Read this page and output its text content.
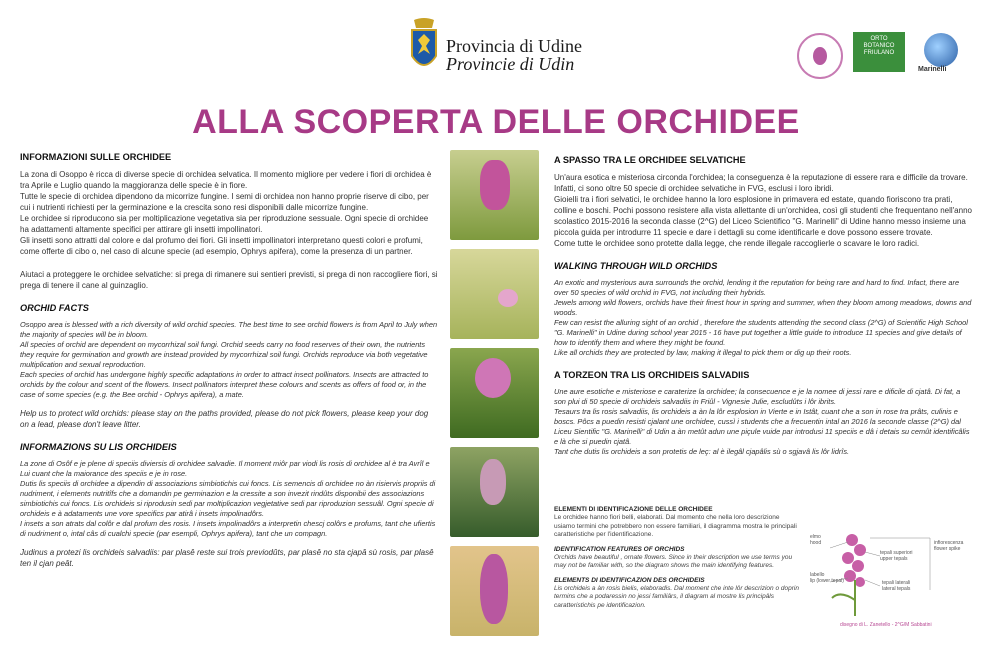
Provincia di Udine
Provincie di Udin
ORTO
BOTANICO
FRIULANO
Marinelli
ALLA SCOPERTA DELLE ORCHIDEE
INFORMAZIONI SULLE ORCHIDEE

La zona di Osoppo è ricca di diverse specie di orchidea selvatica. Il momento migliore per vedere i fiori di orchidea è tra Aprile e Luglio quando la maggioranza delle specie è in fiore.
Tutte le specie di orchidea dipendono da micorrize fungine. I semi di orchidea non hanno proprie riserve di cibo, per cui i nutrienti richiesti per la germinazione e la crescita sono resi disponibili dalle micorrize fungine.
Le orchidee si riproducono sia per moltiplicazione vegetativa sia per riproduzione sessuale. Ogni specie di orchidee ha adattamenti altamente specifici per attirare gli insetti impollinatori.
Gli insetti sono attratti dal colore e dal profumo dei fiori. Gli insetti impollinatori interpretano questi colori e profumi, come offerte di cibo o, nel caso di alcune specie (ad esempio, Ophrys apifera), come la presenza di un partner.

Aiutaci a proteggere le orchidee selvatiche: si prega di rimanere sui sentieri previsti, si prega di non raccogliere fiori, si prega di tenere il cane al guinzaglio.

ORCHID FACTS

Osoppo area is blessed with a rich diversity of wild orchid species. The best time to see orchid flowers is from April to July when the majority of species will be in bloom.
All species of orchid are dependent on mycorrhizal soil fungi. Orchid seeds carry no food reserves of their own, the nutrients they require for germination and growth are instead provided by mycorrhizal soil fungi. Orchids reproduce via both vegetative multiplication and sexual reproduction.
Each species of orchid has undergone highly specific adaptations in order to attract insect pollinators. Insects are attracted to orchids by the colour and scent of the flowers. Insect pollinators interpret these colours and scents as offers of food or, in the case of some species (e.g. the Bee orchid - Ophrys apifera), a mate.

Help us to protect wild orchids: please stay on the paths provided, please do not pick flowers, please keep your dog on a lead, please don't leave litter.

INFORMAZIONS SU LIS ORCHIDEIS

La zone di Osôf e je plene di speciis diviersis di orchidee salvadie. Il moment miôr par viodi lis rosis di orchidee al è tra Avrîl e Lui cuant che la maiorance des speciis e je in rose.
Dutis lis speciis di orchidee a dipendin di associazions simbiotichis cui foncs. Lis semencis di orchidee no àn risiervis propriis di nudriment, i elements nutritîfs che a domandin pe germinazion e la cressite a son invezit rindûts disponibii des associazions simbiotichis cui foncs. Lis orchideis si riprodusin sedi par moltiplicazion vegjetative sedi par riproduzion sessuâl. Ogni specie di orchideis e à adataments une vore specifics par atirâ i insets impolinadôrs.
I insets a son atrats dal colôr e dal profum des rosis. I insets impolinadôrs a interpretin chescj colôrs e profums, tant che ufiertis di nudriment o, intal câs di cualchi specie (par esempli, Ophrys apifera), tant che un compagn.

Judinus a protezi lis orchideis salvadiis: par plasê reste sui trois previodûts, par plasê no sta cjapâ sù rosis, par plasê ten il cjan peât.

A SPASSO TRA LE ORCHIDEE SELVATICHE

Un'aura esotica e misteriosa circonda l'orchidea; la conseguenza è la reputazione di essere rara e difficile da trovare. Infatti, ci sono oltre 50 specie di orchidee selvatiche in FVG, esclusi i loro ibridi.
Gioielli tra i fiori selvatici, le orchidee hanno la loro esplosione in primavera ed estate, quando fioriscono tra prati, colline e boschi. Pochi possono resistere alla vista allettante di un'orchidea, così gli studenti che frequentano nell'anno scolastico 2015-2016 la seconda classe (2^G) del Liceo Scientifico "G. Marinelli" di Udine hanno messo insieme una piccola guida per introdurre 11 specie e dare i dettagli su come identificarle e dove possono essere trovate.
Come tutte le orchidee sono protette dalla legge, che rende illegale raccoglierle o scavare le loro radici.

WALKING THROUGH WILD ORCHIDS

An exotic and mysterious aura surrounds the orchid, lending it the reputation for being rare and hard to find. Infact, there are over 50 species of wild orchid in FVG, not including their hybrids.
Jewels among wild flowers, orchids have their finest hour in spring and summer, when they bloom among meadows, downs and woods.
Few can resist the alluring sight of an orchid , therefore the students attending the second class (2^G) of Scientific High School "G. Marinelli" in Udine during school year 2015 - 16 have put together a little guide to introduce 11 species and give details of how to identify them and where they might be found.
Like all orchids they are protected by law, making it illegal to pick them or dig up their roots.

A TORZEON TRA LIS ORCHIDEIS SALVADIIS

Une aure esotiche e misteriose e caraterize la orchidee; la consecuence e je la nomee di jessi rare e dificile di cjatâ. Di fat, a son plui di 50 specie di orchideis salvadiis in Friûl - Vignesie Julie, escludûts i lôr ibrits.
Tesaurs tra lis rosis salvadiis, lis orchideis a àn la lôr esplosion in Vierte e in Istât, cuant che a son in rose tra prâts, culinis e boscs. Pôcs a puedin resisti cjalant une orchidee, cussì i students che a frecuentin intal an 2016 la seconde classe (2^G) dal Liceu Sientific "G. Marinelli" di Udin a àn metût adun une piçule vuide par introdusi 11 speciis e dâ i detais su cemût identificâlis e là che si puedin cjatâ.
Tant che dutis lis orchideis a son protetis de leç: al è ilegâl cjapâlis sù o sgjavâ lis lôr lidrîs.

ELEMENTI DI IDENTIFICAZIONE DELLE ORCHIDEE

Le orchidee hanno fiori belli, elaborati. Dal momento che nella loro descrizione usiamo termini che potrebbero non essere familiari, il diagramma mostra le principali caratteristiche per l'identificazione.

IDENTIFICATION FEATURES OF ORCHIDS

Orchids have beautiful , ornate flowers. Since in their description we use terms you may not be familiar with, so the diagram shows the main identifying features.

ELEMENTS DI IDENTIFICAZION DES ORCHIDEIS

Lis orchideis a àn rosis bielis, elaboradis. Dal moment che inte lôr descrizion o doprin termins che a podaressin no jessi familiârs, il diagram al mostre lis principâls caratteristichis pe identificazion.

elmo
hood
tepali superiori
upper tepals
infiorescenza
flower spike
labello
lip (lower tepal)	tepali laterali
lateral tepals
disegno di L. Zanetello - 2^G/M Sabbatini
